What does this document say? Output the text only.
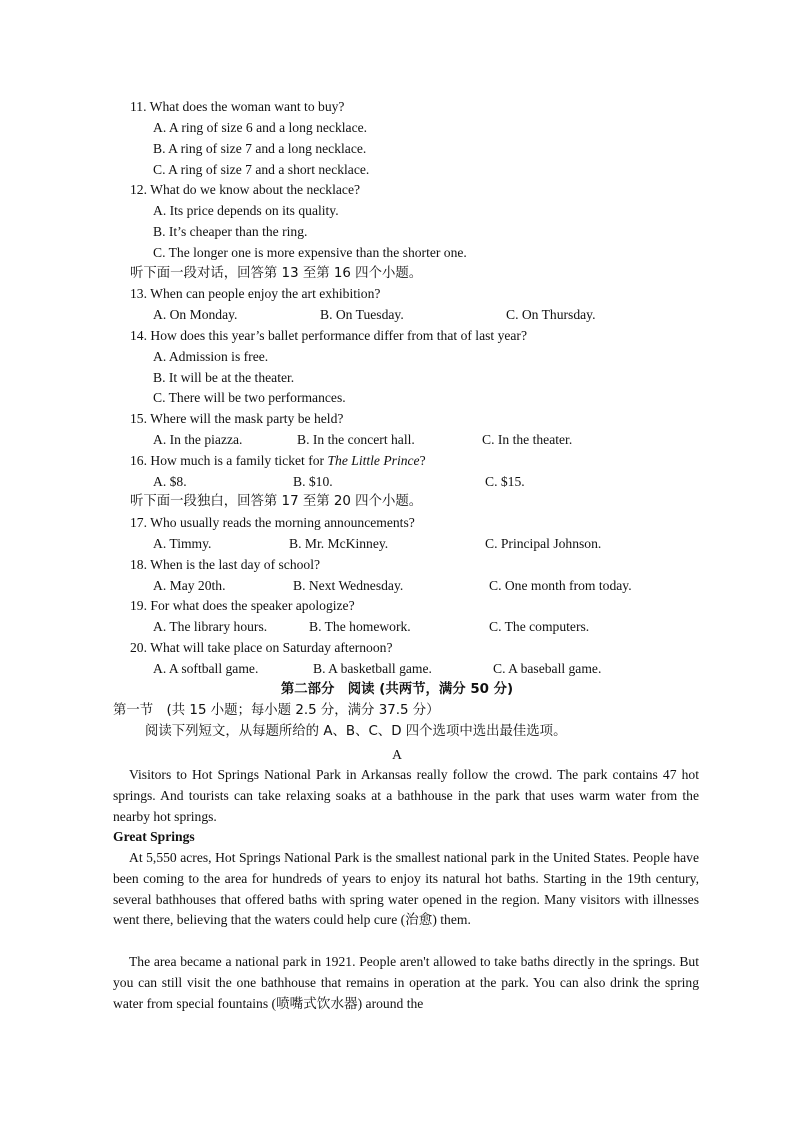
11. What does the woman want to buy?
A. A ring of size 6 and a long necklace.
B. A ring of size 7 and a long necklace.
C. A ring of size 7 and a short necklace.
12. What do we know about the necklace?
A. Its price depends on its quality.
B. It’s cheaper than the ring.
C. The longer one is more expensive than the shorter one.
听下面一段对话，回答第 13 至第 16 四个小题。
13. When can people enjoy the art exhibition?
A. On Monday.	B. On Tuesday.	C. On Thursday.
14. How does this year’s ballet performance differ from that of last year?
A. Admission is free.
B. It will be at the theater.
C. There will be two performances.
15. Where will the mask party be held?
A. In the piazza.	B. In the concert hall.	C. In the theater.
16. How much is a family ticket for The Little Prince?
A. $8.	B. $10.	C. $15.
听下面一段独白，回答第 17 至第 20 四个小题。
17. Who usually reads the morning announcements?
A. Timmy.	B. Mr. McKinney.	C. Principal Johnson.
18. When is the last day of school?
A. May 20th.	B. Next Wednesday.	C. One month from today.
19. For what does the speaker apologize?
A. The library hours.	B. The homework.	C. The computers.
20. What will take place on Saturday afternoon?
A. A softball game.	B. A basketball game.	C. A baseball game.
第二部分　阅读 (共两节，满分 50 分)
第一节　(共 15 小题；每小题 2.5 分，满分 37.5 分）
阅读下列短文，从每题所给的 A、B、C、D 四个选项中选出最佳选项。
A
Visitors to Hot Springs National Park in Arkansas really follow the crowd. The park contains 47 hot springs. And tourists can take relaxing soaks at a bathhouse in the park that uses warm water from the nearby hot springs.
Great Springs
At 5,550 acres, Hot Springs National Park is the smallest national park in the United States. People have been coming to the area for hundreds of years to enjoy its natural hot baths. Starting in the 19th century, several bathhouses that offered baths with spring water opened in the region. Many visitors with illnesses went there, believing that the waters could help cure (治愈) them.
The area became a national park in 1921. People aren't allowed to take baths directly in the springs. But you can still visit the one bathhouse that remains in operation at the park. You can also drink the spring water from special fountains (喷嘴式饮水器) around the
